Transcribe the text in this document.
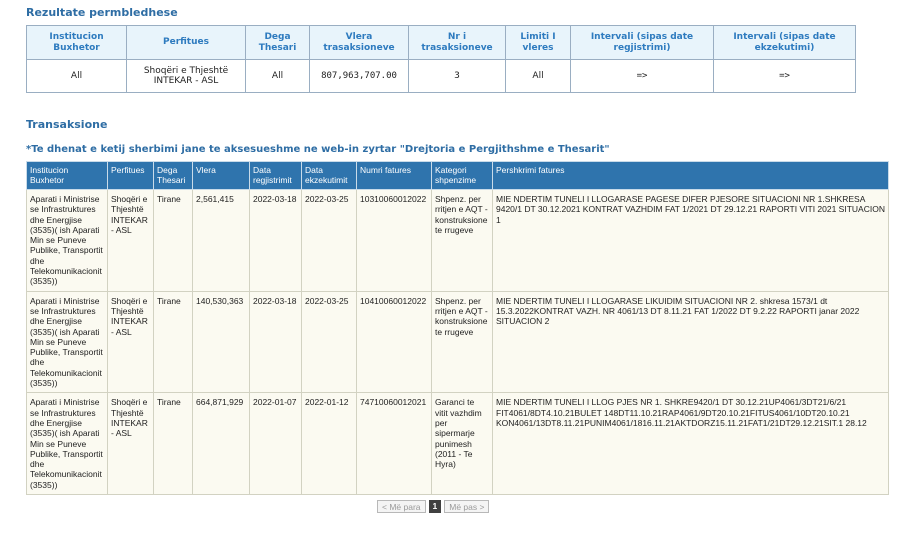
Rezultate permbledhese
Institucion Buxhetor	Perfitues	Dega Thesari	Vlera trasaksioneve	Nr i trasaksioneve	Limiti I vleres	Intervali (sipas date regjistrimi)	Intervali (sipas date ekzekutimi)
All	Shoqëri e Thjeshtë INTEKAR - ASL	All	807,963,707.00	3	All	=>	=>
Transaksione
*Te dhenat e ketij sherbimi jane te aksesueshme ne web-in zyrtar "Drejtoria e Pergjithshme e Thesarit"
Institucion Buxhetor	Perfitues	Dega Thesari	Vlera	Data regjistrimit	Data ekzekutimit	Numri fatures	Kategori shpenzime	Pershkrimi fatures
Aparati i Ministrise se Infrastruktures dhe Energjise (3535)( ish Aparati Min se Puneve Publike, Transportit dhe Telekomunikacionit (3535))	Shoqëri e Thjeshtë INTEKAR - ASL	Tirane	2,561,415	2022-03-18	2022-03-25	10310060012022	Shpenz. per rritjen e AQT - konstruksione te rrugeve	MIE NDERTIM TUNELI I LLOGARASE PAGESE DIFER PJESORE SITUACIONI NR 1.SHKRESA 9420/1 DT 30.12.2021 KONTRAT VAZHDIM FAT 1/2021 DT 29.12.21 RAPORTI VITI 2021 SITUACION 1
Aparati i Ministrise se Infrastruktures dhe Energjise (3535)( ish Aparati Min se Puneve Publike, Transportit dhe Telekomunikacionit (3535))	Shoqëri e Thjeshtë INTEKAR - ASL	Tirane	140,530,363	2022-03-18	2022-03-25	10410060012022	Shpenz. per rritjen e AQT - konstruksione te rrugeve	MIE NDERTIM TUNELI I LLOGARASE LIKUIDIM SITUACIONI NR 2. shkresa 1573/1 dt 15.3.2022KONTRAT VAZH. NR 4061/13 DT 8.11.21 FAT 1/2022 DT 9.2.22 RAPORTI janar 2022 SITUACION 2
Aparati i Ministrise se Infrastruktures dhe Energjise (3535)( ish Aparati Min se Puneve Publike, Transportit dhe Telekomunikacionit (3535))	Shoqëri e Thjeshtë INTEKAR - ASL	Tirane	664,871,929	2022-01-07	2022-01-12	74710060012021	Garanci te vitit vazhdim per sipermarje punimesh (2011 - Te Hyra)	MIE NDERTIM TUNELI I LLOG PJES NR 1. SHKRE9420/1 DT 30.12.21UP4061/3DT21/6/21 FIT4061/8DT4.10.21BULET 148DT11.10.21RAP4061/9DT20.10.21FITUS4061/10DT20.10.21 KON4061/13DT8.11.21PUNIM4061/1816.11.21AKTDORZ15.11.21FAT1/21DT29.12.21SIT.1 28.12
< Më para	1	Më pas >
